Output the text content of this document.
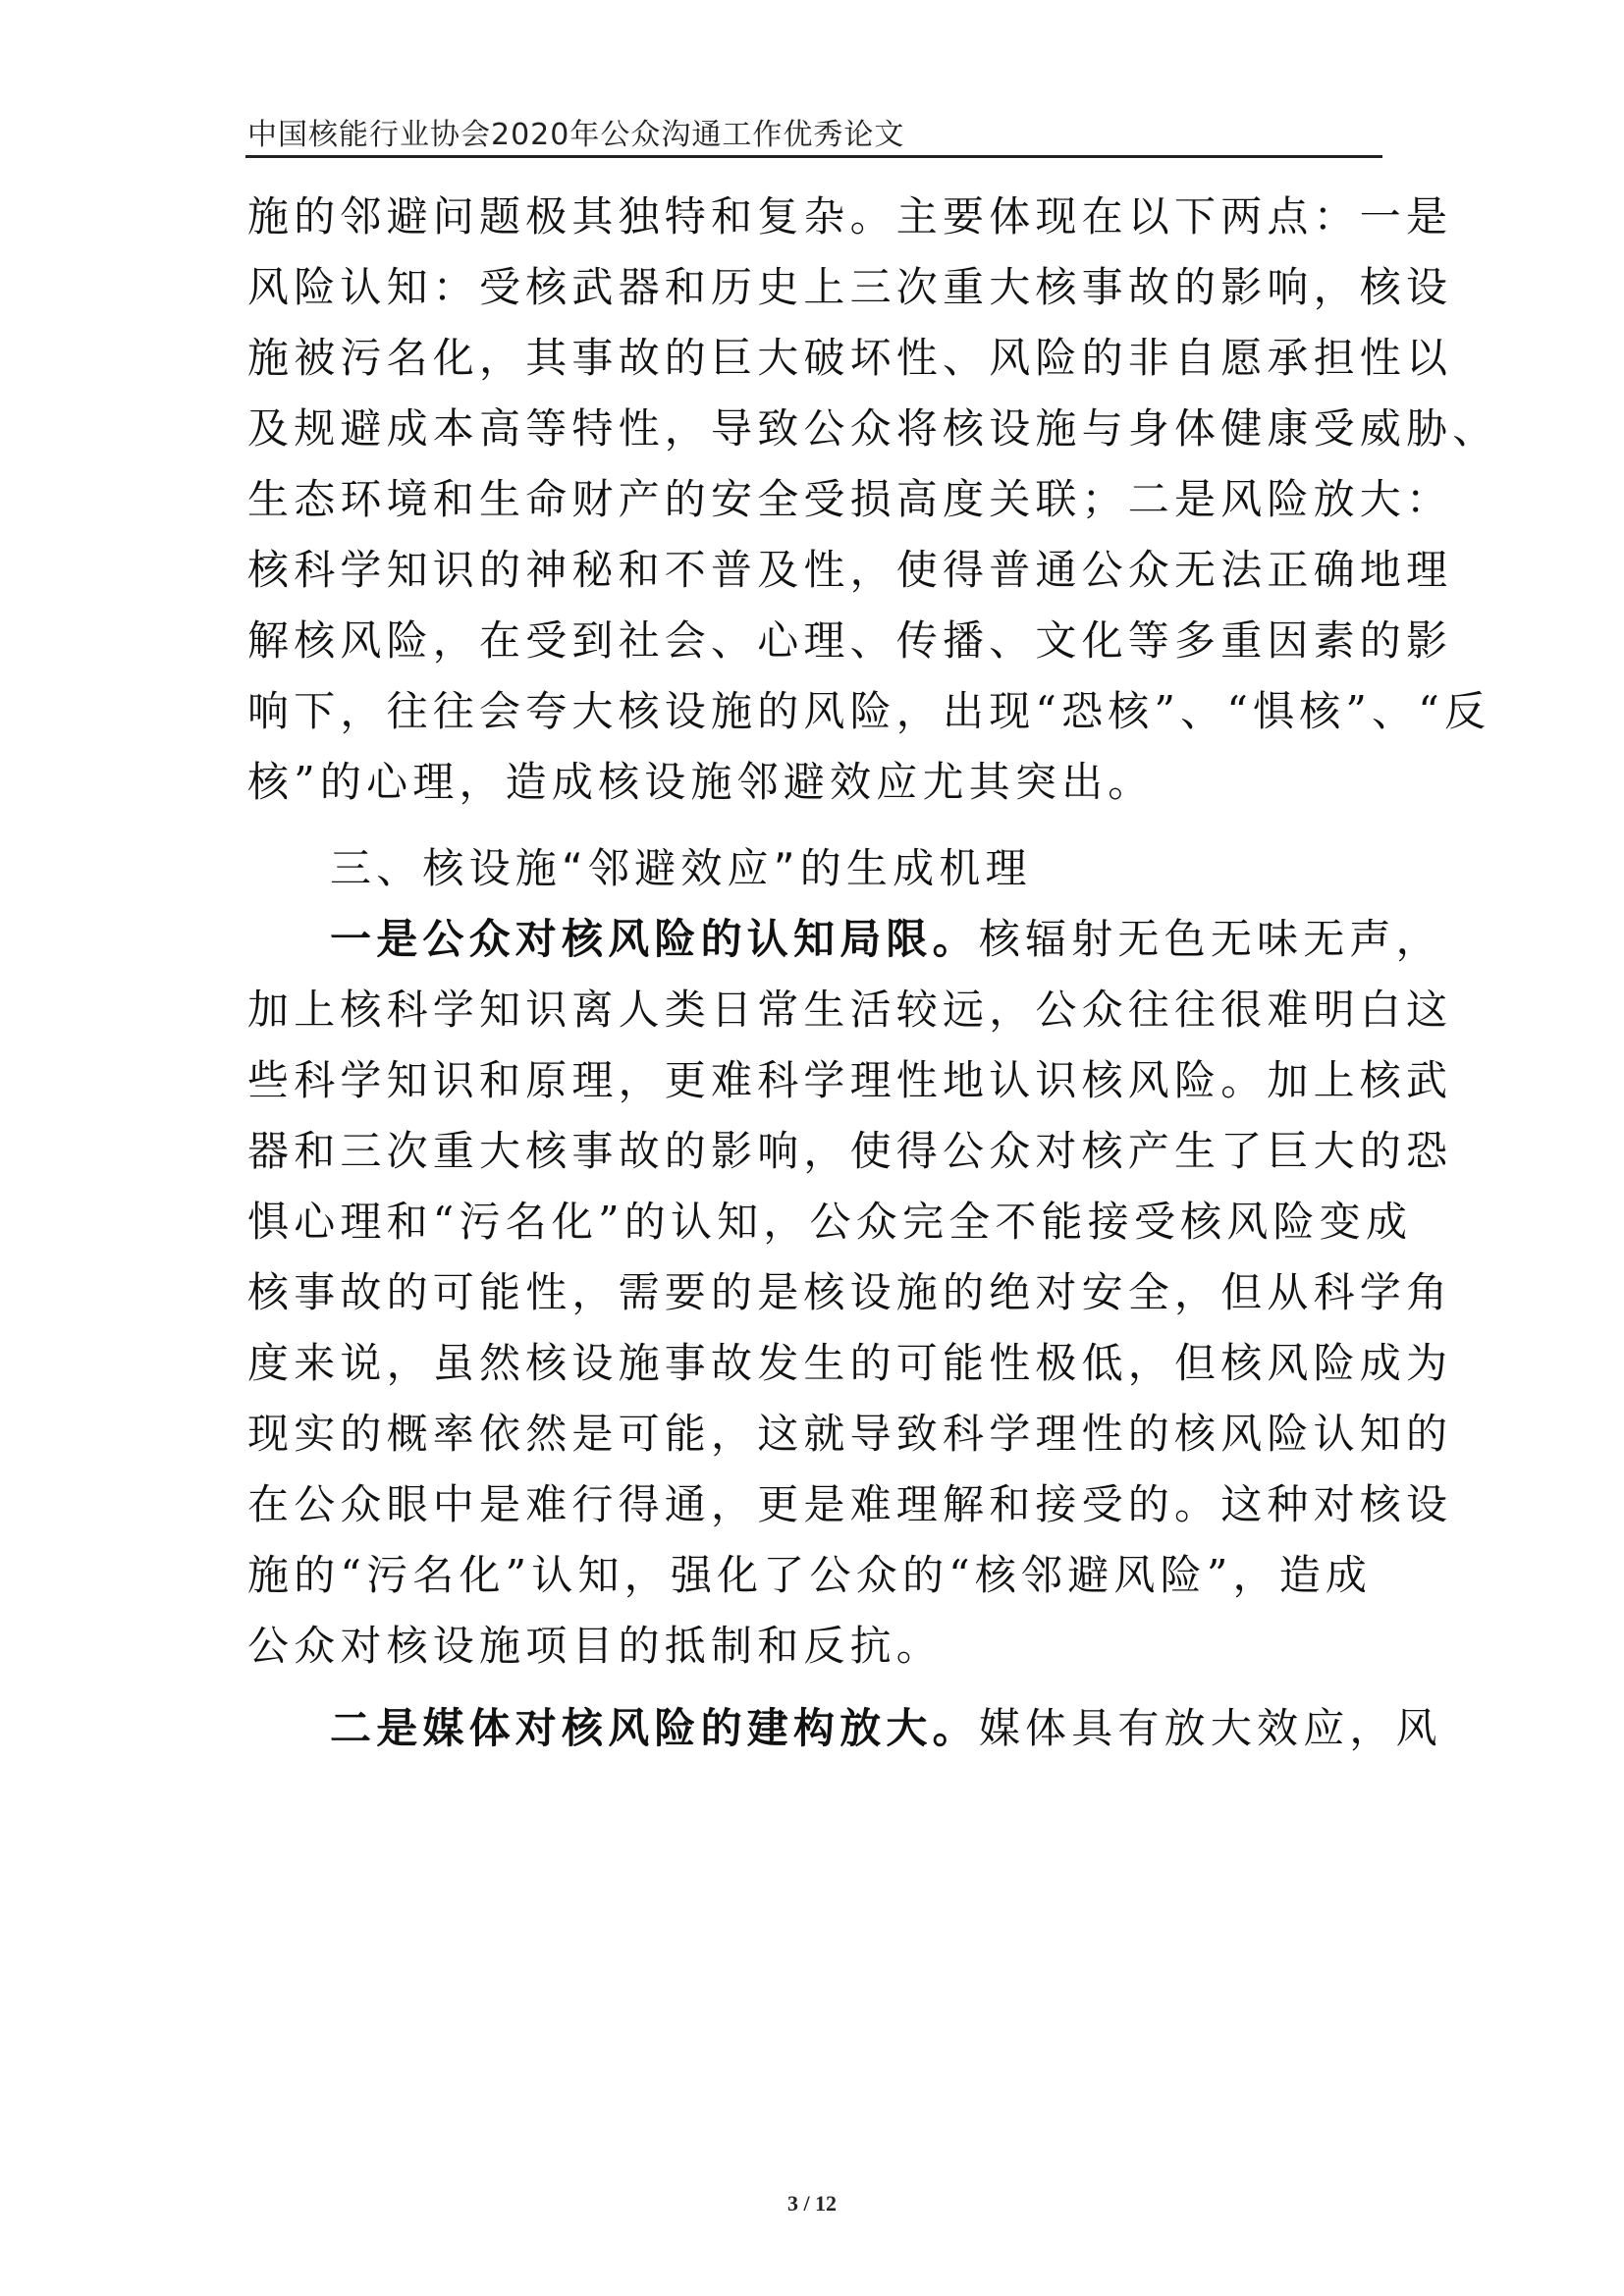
中国核能行业协会2020年公众沟通工作优秀论文
施的邻避问题极其独特和复杂。主要体现在以下两点：一是
风险认知：受核武器和历史上三次重大核事故的影响，核设
施被污名化，其事故的巨大破坏性、风险的非自愿承担性以
及规避成本高等特性，导致公众将核设施与身体健康受威胁、
生态环境和生命财产的安全受损高度关联；二是风险放大：
核科学知识的神秘和不普及性，使得普通公众无法正确地理
解核风险，在受到社会、心理、传播、文化等多重因素的影
响下，往往会夸大核设施的风险，出现“恐核”、“惧核”、“反
核”的心理，造成核设施邻避效应尤其突出。
三、核设施“邻避效应”的生成机理
一是公众对核风险的认知局限。核辐射无色无味无声，
加上核科学知识离人类日常生活较远，公众往往很难明白这
些科学知识和原理，更难科学理性地认识核风险。加上核武
器和三次重大核事故的影响，使得公众对核产生了巨大的恐
惧心理和“污名化”的认知，公众完全不能接受核风险变成
核事故的可能性，需要的是核设施的绝对安全，但从科学角
度来说，虽然核设施事故发生的可能性极低，但核风险成为
现实的概率依然是可能，这就导致科学理性的核风险认知的
在公众眼中是难行得通，更是难理解和接受的。这种对核设
施的“污名化”认知，强化了公众的“核邻避风险”，造成
公众对核设施项目的抵制和反抗。
二是媒体对核风险的建构放大。媒体具有放大效应，风
3 / 12
